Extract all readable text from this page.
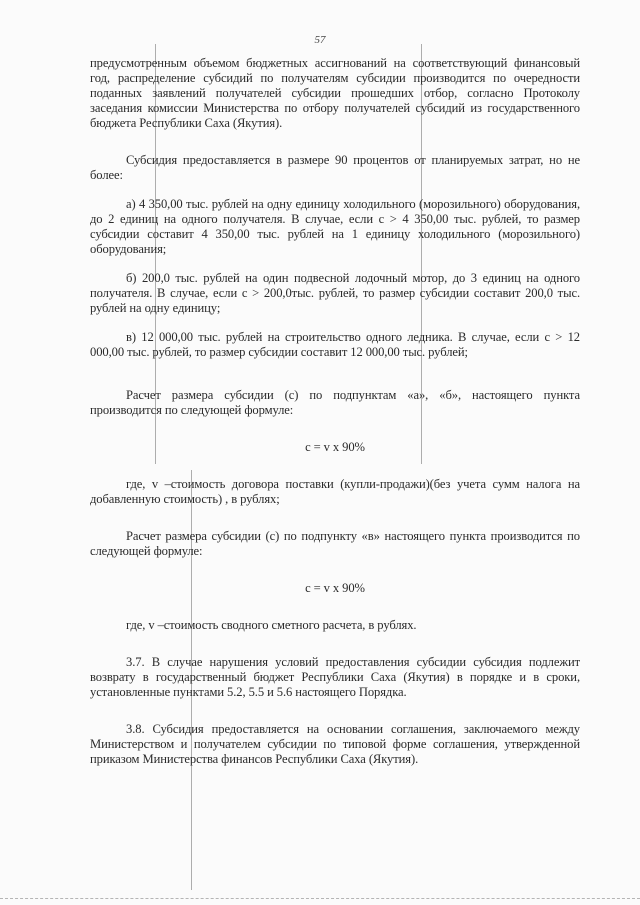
57

предусмотренным объемом бюджетных ассигнований на соответствующий финансовый год, распределение субсидий по получателям субсидии производится по очередности поданных заявлений получателей субсидии прошедших отбор, согласно Протоколу заседания комиссии Министерства по отбору получателей субсидий из государственного бюджета Республики Саха (Якутия).

Субсидия предоставляется в размере 90 процентов от планируемых затрат, но не более:

а) 4 350,00 тыс. рублей на одну единицу холодильного (морозильного) оборудования, до 2 единиц на одного получателя. В случае, если с > 4 350,00 тыс. рублей, то размер субсидии составит 4 350,00 тыс. рублей на 1 единицу холодильного (морозильного) оборудования;

б) 200,0 тыс. рублей на один подвесной лодочный мотор, до 3 единиц на одного получателя. В случае, если с > 200,0тыс. рублей, то размер субсидии составит 200,0 тыс. рублей на одну единицу;

в) 12 000,00 тыс. рублей на строительство одного ледника. В случае, если с > 12 000,00 тыс. рублей, то размер субсидии составит 12 000,00 тыс. рублей;

Расчет размера субсидии (с) по подпунктам «а», «б», настоящего пункта производится по следующей формуле:

с = v x 90%

где, v –стоимость договора поставки (купли-продажи)(без учета сумм налога на добавленную стоимость) , в рублях;

Расчет размера субсидии (с) по подпункту «в» настоящего пункта производится по следующей формуле:

с = v x 90%

где, v –стоимость сводного сметного расчета, в рублях.

3.7. В случае нарушения условий предоставления субсидии субсидия подлежит возврату в государственный бюджет Республики Саха (Якутия) в порядке и в сроки, установленные пунктами 5.2, 5.5 и 5.6 настоящего Порядка.

3.8. Субсидия предоставляется на основании соглашения, заключаемого между Министерством и получателем субсидии по типовой форме соглашения, утвержденной приказом Министерства финансов Республики Саха (Якутия).
